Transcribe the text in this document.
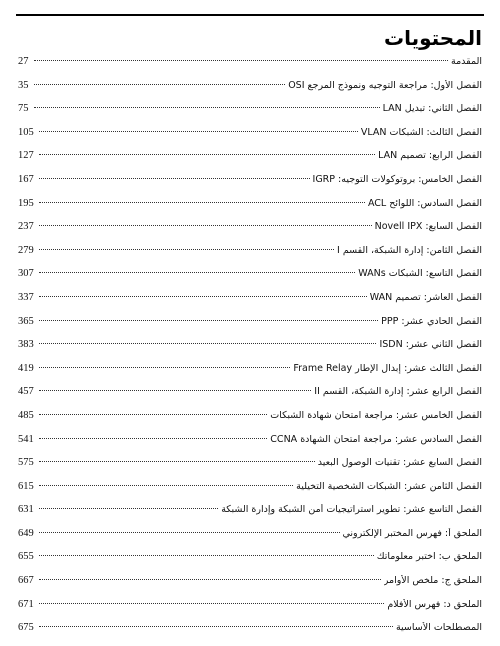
المحتويات
27	المقدمة
35	الفصل الأول: مراجعة التوجيه ونموذج المرجع OSI
75	الفصل الثاني: تبديل LAN
105	الفصل الثالث: الشبكات VLAN
127	الفصل الرابع: تصميم LAN
167	الفصل الخامس: بروتوكولات التوجيه: IGRP
195	الفصل السادس: اللوائح ACL
237	الفصل السابع: Novell IPX
279	الفصل الثامن: إدارة الشبكة، القسم I
307	الفصل التاسع: الشبكات WANs
337	الفصل العاشر: تصميم WAN
365	الفصل الحادي عشر: PPP
383	الفصل الثاني عشر: ISDN
419	الفصل الثالث عشر: إبدال الإطار Frame Relay
457	الفصل الرابع عشر: إدارة الشبكة، القسم II
485	الفصل الخامس عشر: مراجعة امتحان شهادة الشبكات
541	الفصل السادس عشر: مراجعة امتحان الشهادة CCNA
575	الفصل السابع عشر: تقنيات الوصول البعيد
615	الفصل الثامن عشر: الشبكات الشخصية التخيلية
631	الفصل التاسع عشر: تطوير استراتيجيات أمن الشبكة وإدارة الشبكة
649	الملحق أ: فهرس المختبر الإلكتروني
655	الملحق ب: اختبر معلوماتك
667	الملحق ج: ملخص الأوامر
671	الملحق د: فهرس الأفلام
675	المصطلحات الأساسية
